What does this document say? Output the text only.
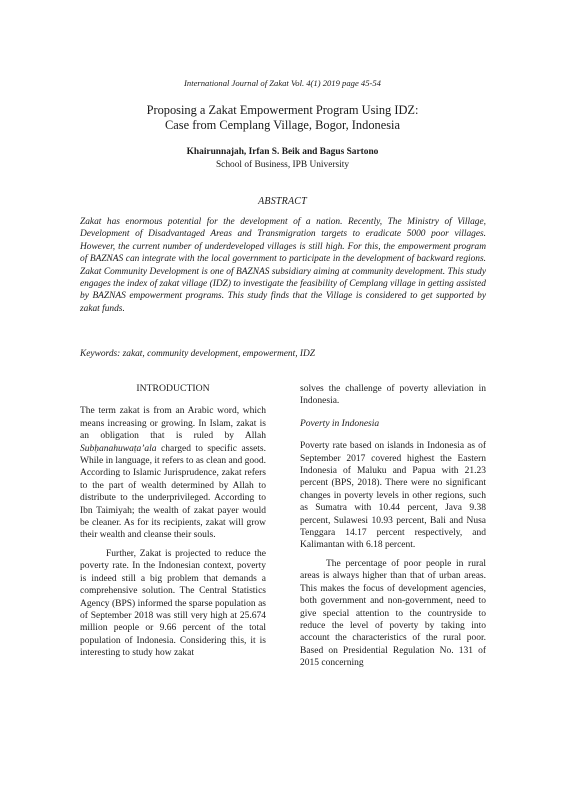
International Journal of Zakat Vol. 4(1) 2019 page 45-54
Proposing a Zakat Empowerment Program Using IDZ:
Case from Cemplang Village, Bogor, Indonesia
Khairunnajah, Irfan S. Beik and Bagus Sartono
School of Business, IPB University
ABSTRACT

Zakat has enormous potential for the development of a nation. Recently, The Ministry of Village, Development of Disadvantaged Areas and Transmigration targets to eradicate 5000 poor villages. However, the current number of underdeveloped villages is still high. For this, the empowerment program of BAZNAS can integrate with the local government to participate in the development of backward regions. Zakat Community Development is one of BAZNAS subsidiary aiming at community development. This study engages the index of zakat village (IDZ) to investigate the feasibility of Cemplang village in getting assisted by BAZNAS empowerment programs. This study finds that the Village is considered to get supported by zakat funds.

Keywords: zakat, community development, empowerment, IDZ

INTRODUCTION

The term zakat is from an Arabic word, which means increasing or growing. In Islam, zakat is an obligation that is ruled by Allah Subḥanahuwaṭa’ala charged to specific assets. While in language, it refers to as clean and good. According to Islamic Jurisprudence, zakat refers to the part of wealth determined by Allah to distribute to the underprivileged. According to Ibn Taimiyah; the wealth of zakat payer would be cleaner. As for its recipients, zakat will grow their wealth and cleanse their souls.

Further, Zakat is projected to reduce the poverty rate. In the Indonesian context, poverty is indeed still a big problem that demands a comprehensive solution. The Central Statistics Agency (BPS) informed the sparse population as of September 2018 was still very high at 25.674 million people or 9.66 percent of the total population of Indonesia. Considering this, it is interesting to study how zakat

solves the challenge of poverty alleviation in Indonesia.

Poverty in Indonesia

Poverty rate based on islands in Indonesia as of September 2017 covered highest the Eastern Indonesia of Maluku and Papua with 21.23 percent (BPS, 2018). There were no significant changes in poverty levels in other regions, such as Sumatra with 10.44 percent, Java 9.38 percent, Sulawesi 10.93 percent, Bali and Nusa Tenggara 14.17 percent respectively, and Kalimantan with 6.18 percent.

The percentage of poor people in rural areas is always higher than that of urban areas. This makes the focus of development agencies, both government and non-government, need to give special attention to the countryside to reduce the level of poverty by taking into account the characteristics of the rural poor. Based on Presidential Regulation No. 131 of 2015 concerning
